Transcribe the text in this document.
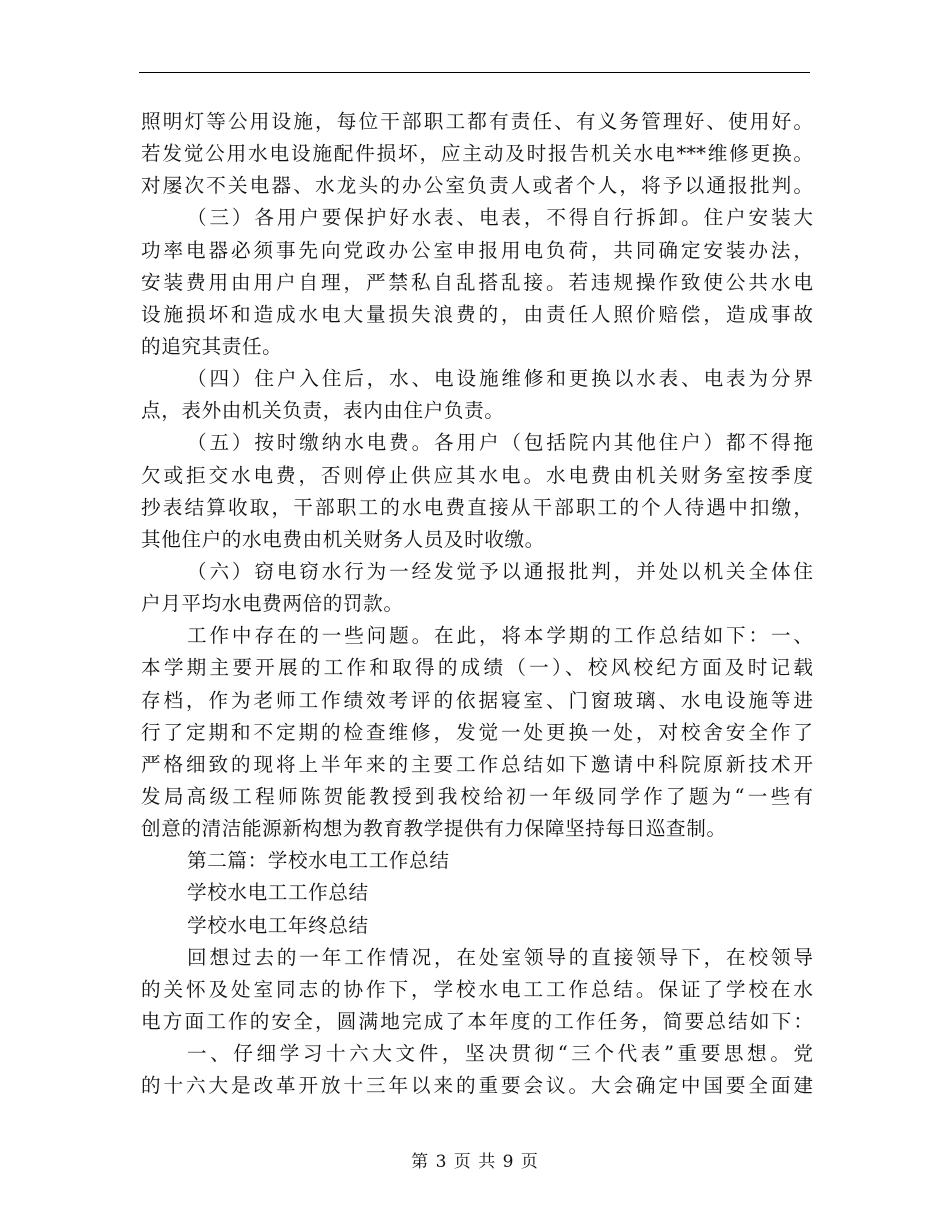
照明灯等公用设施，每位干部职工都有责任、有义务管理好、使用好。
若发觉公用水电设施配件损坏，应主动及时报告机关水电***维修更换。
对屡次不关电器、水龙头的办公室负责人或者个人，将予以通报批判。
（三）各用户要保护好水表、电表，不得自行拆卸。住户安装大
功率电器必须事先向党政办公室申报用电负荷，共同确定安装办法，
安装费用由用户自理，严禁私自乱搭乱接。若违规操作致使公共水电
设施损坏和造成水电大量损失浪费的，由责任人照价赔偿，造成事故
的追究其责任。
（四）住户入住后，水、电设施维修和更换以水表、电表为分界
点，表外由机关负责，表内由住户负责。
（五）按时缴纳水电费。各用户（包括院内其他住户）都不得拖
欠或拒交水电费，否则停止供应其水电。水电费由机关财务室按季度
抄表结算收取，干部职工的水电费直接从干部职工的个人待遇中扣缴，
其他住户的水电费由机关财务人员及时收缴。
（六）窃电窃水行为一经发觉予以通报批判，并处以机关全体住
户月平均水电费两倍的罚款。
工作中存在的一些问题。在此，将本学期的工作总结如下：一、
本学期主要开展的工作和取得的成绩（一）、校风校纪方面及时记载
存档，作为老师工作绩效考评的依据寝室、门窗玻璃、水电设施等进
行了定期和不定期的检查维修，发觉一处更换一处，对校舍安全作了
严格细致的现将上半年来的主要工作总结如下邀请中科院原新技术开
发局高级工程师陈贺能教授到我校给初一年级同学作了题为“一些有
创意的清洁能源新构想为教育教学提供有力保障坚持每日巡查制。
第二篇：学校水电工工作总结
学校水电工工作总结
学校水电工年终总结
回想过去的一年工作情况，在处室领导的直接领导下，在校领导
的关怀及处室同志的协作下，学校水电工工作总结。保证了学校在水
电方面工作的安全，圆满地完成了本年度的工作任务，简要总结如下：
一、仔细学习十六大文件，坚决贯彻“三个代表”重要思想。党
的十六大是改革开放十三年以来的重要会议。大会确定中国要全面建
第 3 页 共 9 页
